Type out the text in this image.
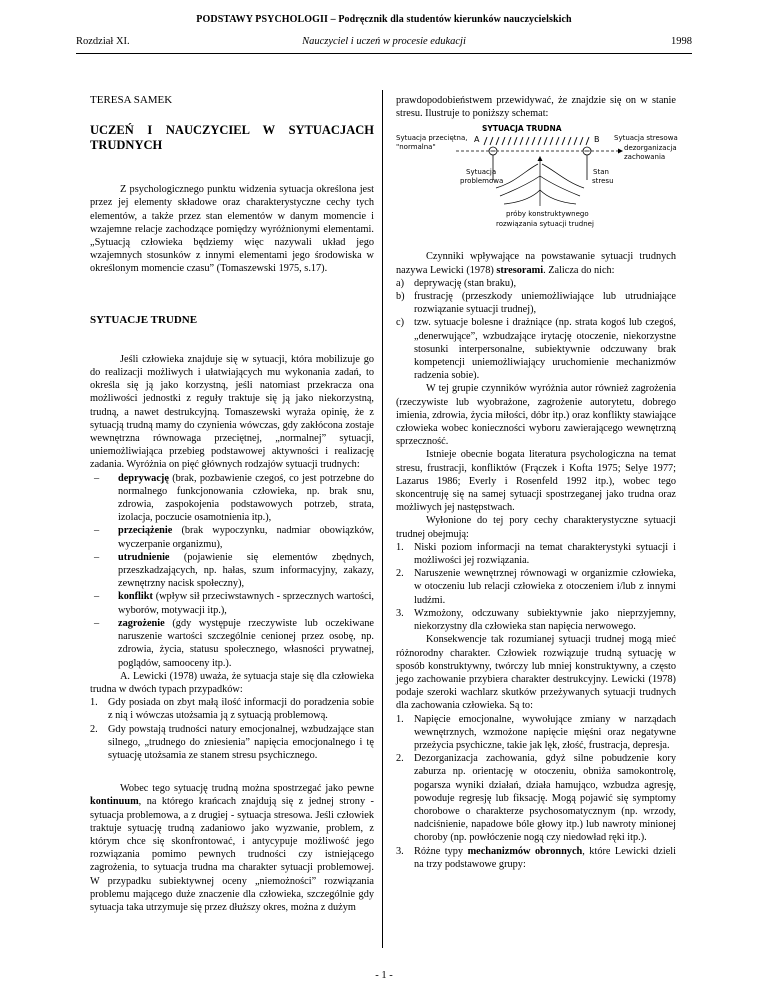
PODSTAWY PSYCHOLOGII – Podręcznik dla studentów kierunków nauczycielskich
Rozdział XI.	Nauczyciel i uczeń w procesie edukacji	1998
TERESA SAMEK
UCZEŃ I NAUCZYCIEL W SYTUACJACH TRUDNYCH

Z psychologicznego punktu widzenia sytuacja określona jest przez jej elementy składowe oraz charakterystyczne cechy tych elementów, a także przez stan elementów w danym momencie i wzajemne relacje zachodzące pomiędzy wyróżnionymi elementami. „Sytuacją człowieka będziemy więc nazywali układ jego wzajemnych stosunków z innymi elementami jego środowiska w określonym momencie czasu” (Tomaszewski 1975, s.17).

SYTUACJE TRUDNE

Jeśli człowieka znajduje się w sytuacji, która mobilizuje go do realizacji możliwych i ułatwiających mu wykonania zadań, to określa się ją jako korzystną, jeśli natomiast przekracza ona możliwości jednostki z reguły traktuje się ją jako niekorzystną, trudną, a nawet destrukcyjną. Tomaszewski wyraża opinię, że z sytuacją trudną mamy do czynienia wówczas, gdy zakłócona zostaje wewnętrzna równowaga przeciętnej, „normalnej” sytuacji, uniemożliwiająca przebieg podstawowej aktywności i realizację zadania. Wyróżnia on pięć głównych rodzajów sytuacji trudnych:

– deprywację (brak, pozbawienie czegoś, co jest potrzebne do normalnego funkcjonowania człowieka, np. brak snu, zdrowia, zaspokojenia podstawowych potrzeb, strata, izolacja, poczucie osamotnienia itp.),
– przeciążenie (brak wypoczynku, nadmiar obowiązków, wyczerpanie organizmu),
– utrudnienie (pojawienie się elementów zbędnych, przeszkadzających, np. hałas, szum informacyjny, zakazy, zewnętrzny nacisk społeczny),
– konflikt (wpływ sił przeciwstawnych - sprzecznych wartości, wyborów, motywacji itp.),
– zagrożenie (gdy występuje rzeczywiste lub oczekiwane naruszenie wartości szczególnie cenionej przez osobę, np. zdrowia, życia, statusu społecznego, własności prywatnej, poglądów, samooceny itp.).

A. Lewicki (1978) uważa, że sytuacja staje się dla człowieka trudna w dwóch typach przypadków:

1. Gdy posiada on zbyt małą ilość informacji do poradzenia sobie z nią i wówczas utożsamia ją z sytuacją problemową.
2. Gdy powstają trudności natury emocjonalnej, wzbudzające stan silnego, „trudnego do zniesienia” napięcia emocjonalnego i tę sytuację utożsamia ze stanem stresu psychicznego.

Wobec tego sytuację trudną można spostrzegać jako pewne kontinuum, na którego krańcach znajdują się z jednej strony - sytuacja problemowa, a z drugiej - sytuacja stresowa. Jeśli człowiek traktuje sytuację trudną zadaniowo jako wyzwanie, problem, z którym chce się skonfrontować, i antycypuje możliwość jego rozwiązania pomimo pewnych trudności czy istniejącego zagrożenia, to sytuacja trudna ma charakter sytuacji problemowej. W przypadku subiektywnej oceny „niemożności” rozwiązania problemu mającego duże znaczenie dla człowieka, szczególnie gdy sytuacja taka utrzymuje się przez dłuższy okres, można z dużym

prawdopodobieństwem przewidywać, że znajdzie się on w stanie stresu. Ilustruje to poniższy schemat:

SYTUACJA TRUDNA
Sytuacja przeciętna,
"normalna"
A	B Sytuacja stresowa
dezorganizacja
zachowania
Sytuacja
problemowa
Stan
stresu
próby konstruktywnego
rozwiązania sytuacji trudnej

Czynniki wpływające na powstawanie sytuacji trudnych nazywa Lewicki (1978) stresorami. Zalicza do nich:

a) deprywację (stan braku),
b) frustrację (przeszkody uniemożliwiające lub utrudniające rozwiązanie sytuacji trudnej),
c) tzw. sytuacje bolesne i drażniące (np. strata kogoś lub czegoś, „denerwujące”, wzbudzające irytację otoczenie, niekorzystne stosunki interpersonalne, subiektywnie odczuwany brak kompetencji uniemożliwiający uruchomienie mechanizmów radzenia sobie).

W tej grupie czynników wyróżnia autor również zagrożenia (rzeczywiste lub wyobrażone, zagrożenie autorytetu, dobrego imienia, zdrowia, życia miłości, dóbr itp.) oraz konflikty stawiające człowieka wobec konieczności wyboru zawierającego wewnętrzną sprzeczność.

Istnieje obecnie bogata literatura psychologiczna na temat stresu, frustracji, konfliktów (Frączek i Kofta 1975; Selye 1977; Lazarus 1986; Everly i Rosenfeld 1992 itp.), wobec tego skoncentruję się na samej sytuacji spostrzeganej jako trudna oraz możliwych jej następstwach.

Wyłonione do tej pory cechy charakterystyczne sytuacji trudnej obejmują:

1. Niski poziom informacji na temat charakterystyki sytuacji i możliwości jej rozwiązania.
2. Naruszenie wewnętrznej równowagi w organizmie człowieka, w otoczeniu lub relacji człowieka z otoczeniem i/lub z innymi ludźmi.
3. Wzmożony, odczuwany subiektywnie jako nieprzyjemny, niekorzystny dla człowieka stan napięcia nerwowego.

Konsekwencje tak rozumianej sytuacji trudnej mogą mieć różnorodny charakter. Człowiek rozwiązuje trudną sytuację w sposób konstruktywny, twórczy lub mniej konstruktywny, a często jego zachowanie przybiera charakter destrukcyjny. Lewicki (1978) podaje szeroki wachlarz skutków przeżywanych sytuacji trudnych dla zachowania człowieka. Są to:

1. Napięcie emocjonalne, wywołujące zmiany w narządach wewnętrznych, wzmożone napięcie mięśni oraz negatywne przeżycia psychiczne, takie jak lęk, złość, frustracja, depresja.
2. Dezorganizacja zachowania, gdyż silne pobudzenie kory zaburza np. orientację w otoczeniu, obniża samokontrolę, pogarsza wyniki działań, działa hamująco, wzbudza agresję, powoduje regresję lub fiksację. Mogą pojawić się symptomy chorobowe o charakterze psychosomatycznym (np. wrzody, nadciśnienie, napadowe bóle głowy itp.) lub nawroty minionej choroby (np. powłóczenie nogą czy niedowład ręki itp.).
3. Różne typy mechanizmów obronnych, które Lewicki dzieli na trzy podstawowe grupy:
- 1 -
